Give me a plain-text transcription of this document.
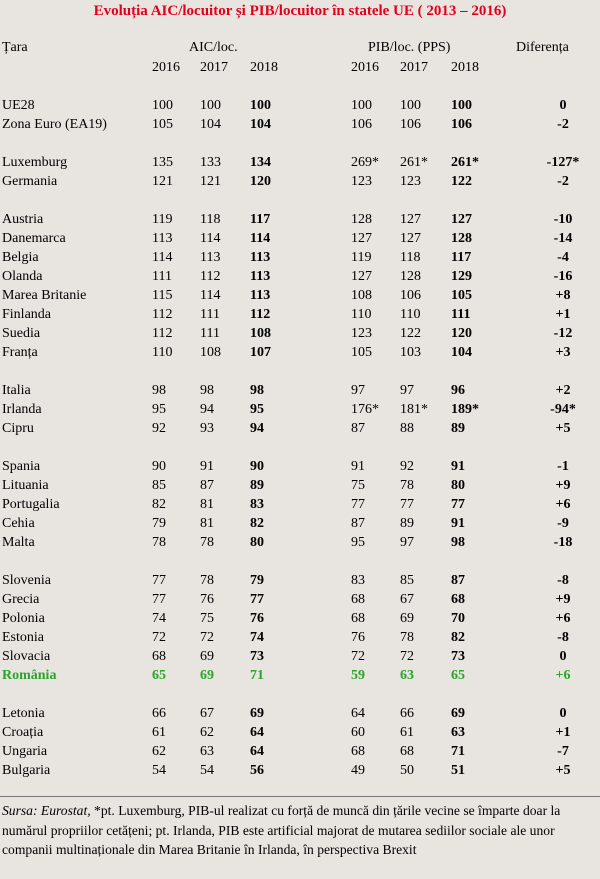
Evoluția AIC/locuitor și PIB/locuitor în statele UE ( 2013 – 2016)
Țara	AIC/loc.	PIB/loc. (PPS)	Diferența
2016 2017 2018	2016 2017 2018
UE28	100 100 100	100 100 100	0
Zona Euro (EA19)	105 104 104	106 106 106	-2
Luxemburg	135 133 134	269* 261* 261*	-127*
Germania	121 121 120	123 123 122	-2
Austria	119 118 117	128 127 127	-10
Danemarca	113 114 114	127 127 128	-14
Belgia	114 113 113	119 118 117	-4
Olanda	111 112 113	127 128 129	-16
Marea Britanie	115 114 113	108 106 105	+8
Finlanda	112 111 112	110 110 111	+1
Suedia	112 111 108	123 122 120	-12
Franța	110 108 107	105 103 104	+3
Italia	98 98	98	97	97	96	+2
Irlanda	95 94	95	176* 181* 189*	-94*
Cipru	92 93	94	87	88	89	+5
Spania	90 91	90	91	92	91	-1
Lituania	85 87	89	75	78	80	+9
Portugalia	82 81	83	77	77	77	+6
Cehia	79 81	82	87	89	91	-9
Malta	78 78	80	95	97	98	-18
Slovenia	77 78	79	83	85	87	-8
Grecia	77 76	77	68	67	68	+9
Polonia	74 75	76	68	69	70	+6
Estonia	72 72	74	76	78	82	-8
Slovacia	68 69	73	72	72	73	0
România	65 69	71	59	63	65	+6
Letonia	66 67	69	64	66	69	0
Croația	61 62	64	60	61	63	+1
Ungaria	62 63	64	68	68	71	-7
Bulgaria	54 54	56	49	50	51	+5
Sursa: Eurostat, *pt. Luxemburg, PIB-ul realizat cu forță de muncă din țările vecine se împarte doar la numărul propriilor cetățeni; pt. Irlanda, PIB este artificial majorat de mutarea sediilor sociale ale unor companii multinaționale din Marea Britanie în Irlanda, în perspectiva Brexit
